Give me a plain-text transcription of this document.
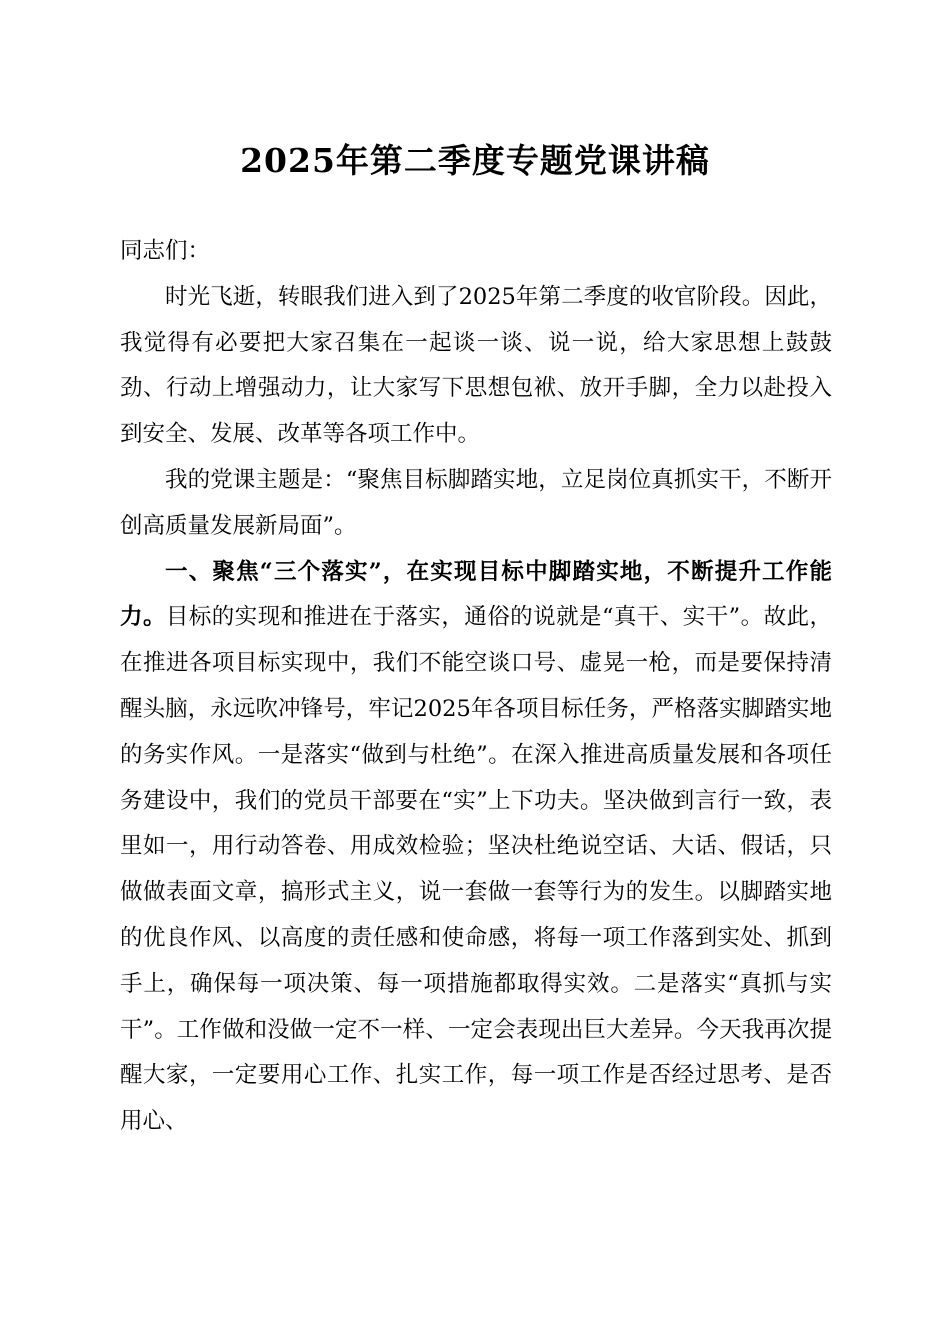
2025年第二季度专题党课讲稿

同志们：

时光飞逝，转眼我们进入到了2025年第二季度的收官阶段。因此，我觉得有必要把大家召集在一起谈一谈、说一说，给大家思想上鼓鼓劲、行动上增强动力，让大家写下思想包袱、放开手脚，全力以赴投入到安全、发展、改革等各项工作中。

我的党课主题是：“聚焦目标脚踏实地，立足岗位真抓实干，不断开创高质量发展新局面”。

一、聚焦“三个落实”，在实现目标中脚踏实地，不断提升工作能力。目标的实现和推进在于落实，通俗的说就是“真干、实干”。故此，在推进各项目标实现中，我们不能空谈口号、虚晃一枪，而是要保持清醒头脑，永远吹冲锋号，牢记2025年各项目标任务，严格落实脚踏实地的务实作风。一是落实“做到与杜绝”。在深入推进高质量发展和各项任务建设中，我们的党员干部要在“实”上下功夫。坚决做到言行一致，表里如一，用行动答卷、用成效检验；坚决杜绝说空话、大话、假话，只做做表面文章，搞形式主义，说一套做一套等行为的发生。以脚踏实地的优良作风、以高度的责任感和使命感，将每一项工作落到实处、抓到手上，确保每一项决策、每一项措施都取得实效。二是落实“真抓与实干”。工作做和没做一定不一样、一定会表现出巨大差异。今天我再次提醒大家，一定要用心工作、扎实工作，每一项工作是否经过思考、是否用心、
